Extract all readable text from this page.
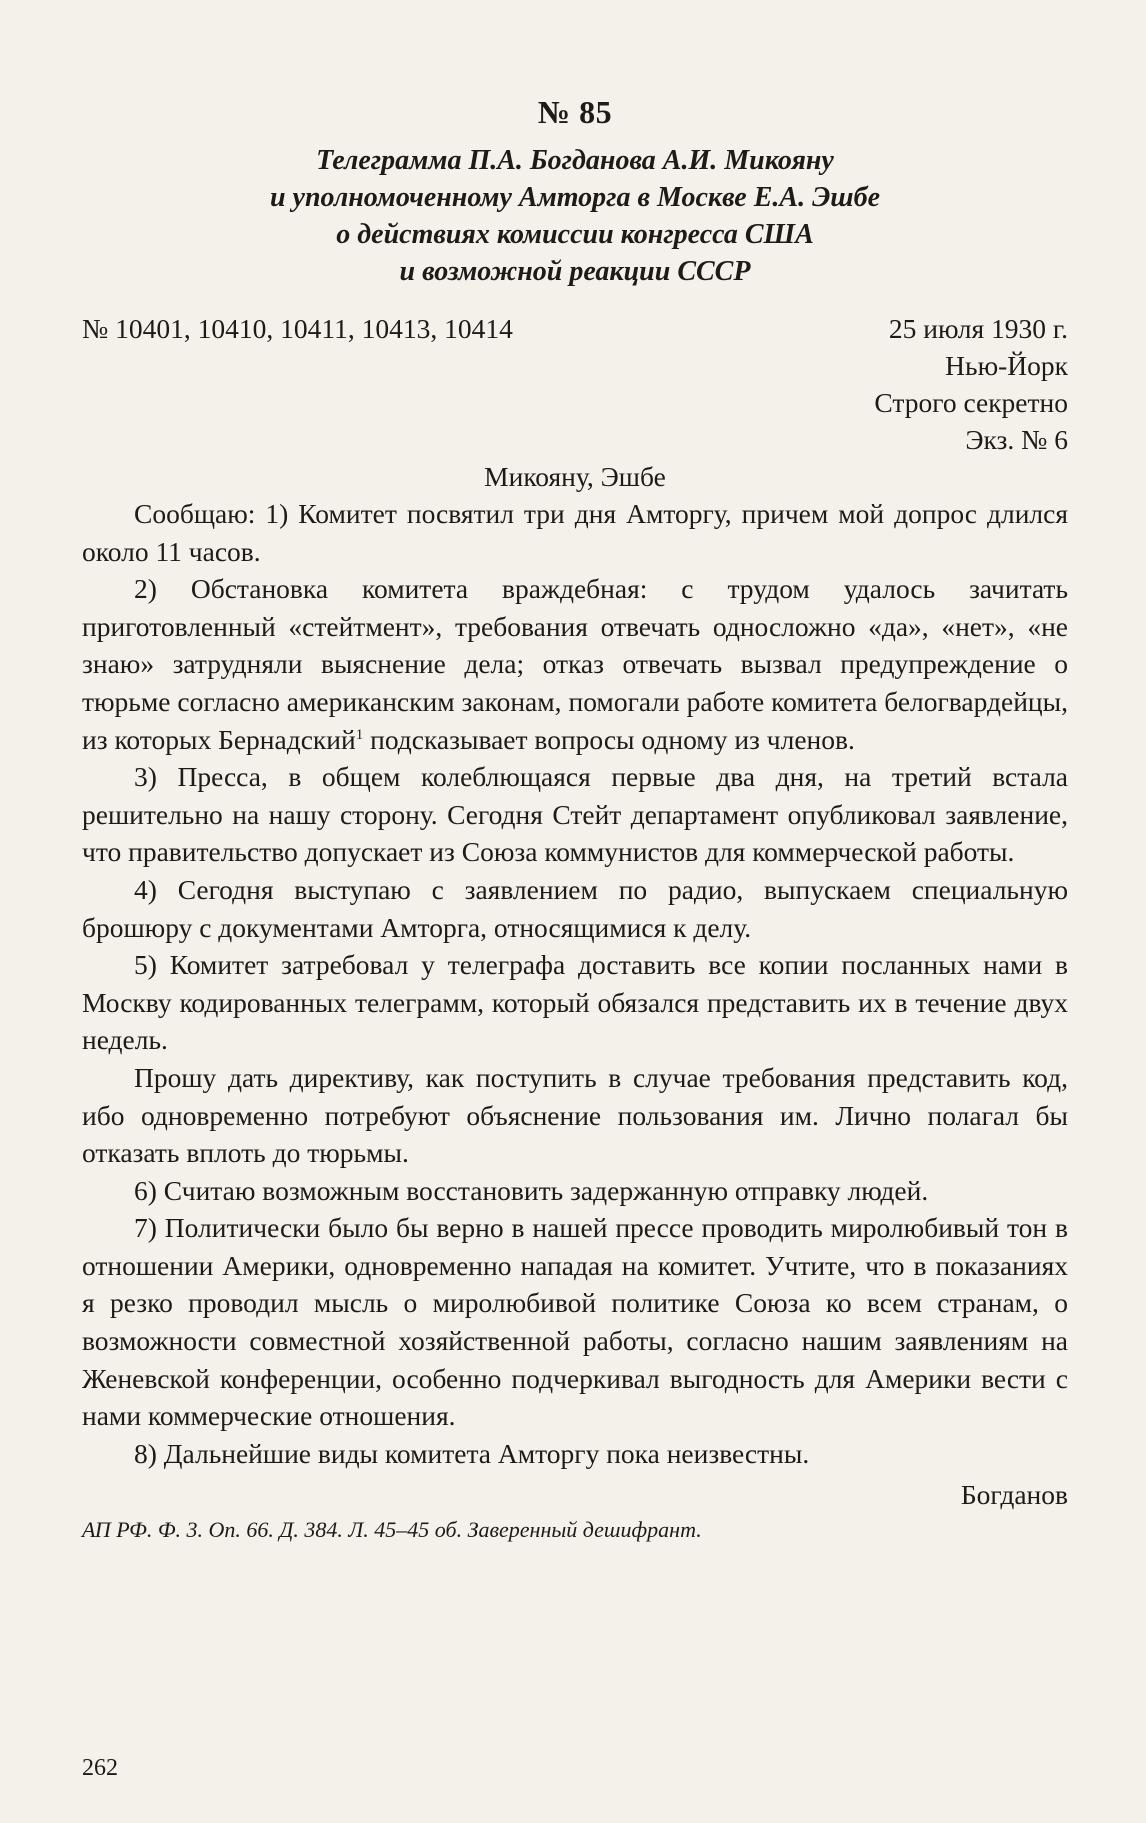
№ 85
Телеграмма П.А. Богданова А.И. Микояну
и уполномоченному Амторга в Москве Е.А. Эшбе
о действиях комиссии конгресса США
и возможной реакции СССР
№ 10401, 10410, 10411, 10413, 10414	25 июля 1930 г.
Нью-Йорк
Строго секретно
Экз. № 6
Микояну, Эшбе

Сообщаю: 1) Комитет посвятил три дня Амторгу, причем мой допрос длился около 11 часов.

2) Обстановка комитета враждебная: с трудом удалось зачитать приготовленный «стейтмент», требования отвечать односложно «да», «нет», «не знаю» затрудняли выяснение дела; отказ отвечать вызвал предупреждение о тюрьме согласно американским законам, помогали работе комитета белогвардейцы, из которых Бернадский$^1$ подсказывает вопросы одному из членов.

3) Пресса, в общем колеблющаяся первые два дня, на третий встала решительно на нашу сторону. Сегодня Стейт департамент опубликовал заявление, что правительство допускает из Союза коммунистов для коммерческой работы.

4) Сегодня выступаю с заявлением по радио, выпускаем специальную брошюру с документами Амторга, относящимися к делу.

5) Комитет затребовал у телеграфа доставить все копии посланных нами в Москву кодированных телеграмм, который обязался представить их в течение двух недель.

Прошу дать директиву, как поступить в случае требования представить код, ибо одновременно потребуют объяснение пользования им. Лично полагал бы отказать вплоть до тюрьмы.

6) Считаю возможным восстановить задержанную отправку людей.

7) Политически было бы верно в нашей прессе проводить миролюбивый тон в отношении Америки, одновременно нападая на комитет. Учтите, что в показаниях я резко проводил мысль о миролюбивой политике Союза ко всем странам, о возможности совместной хозяйственной работы, согласно нашим заявлениям на Женевской конференции, особенно подчеркивал выгодность для Америки вести с нами коммерческие отношения.

8) Дальнейшие виды комитета Амторгу пока неизвестны.

Богданов
АП РФ. Ф. 3. Оп. 66. Д. 384. Л. 45–45 об. Заверенный дешифрант.
262
